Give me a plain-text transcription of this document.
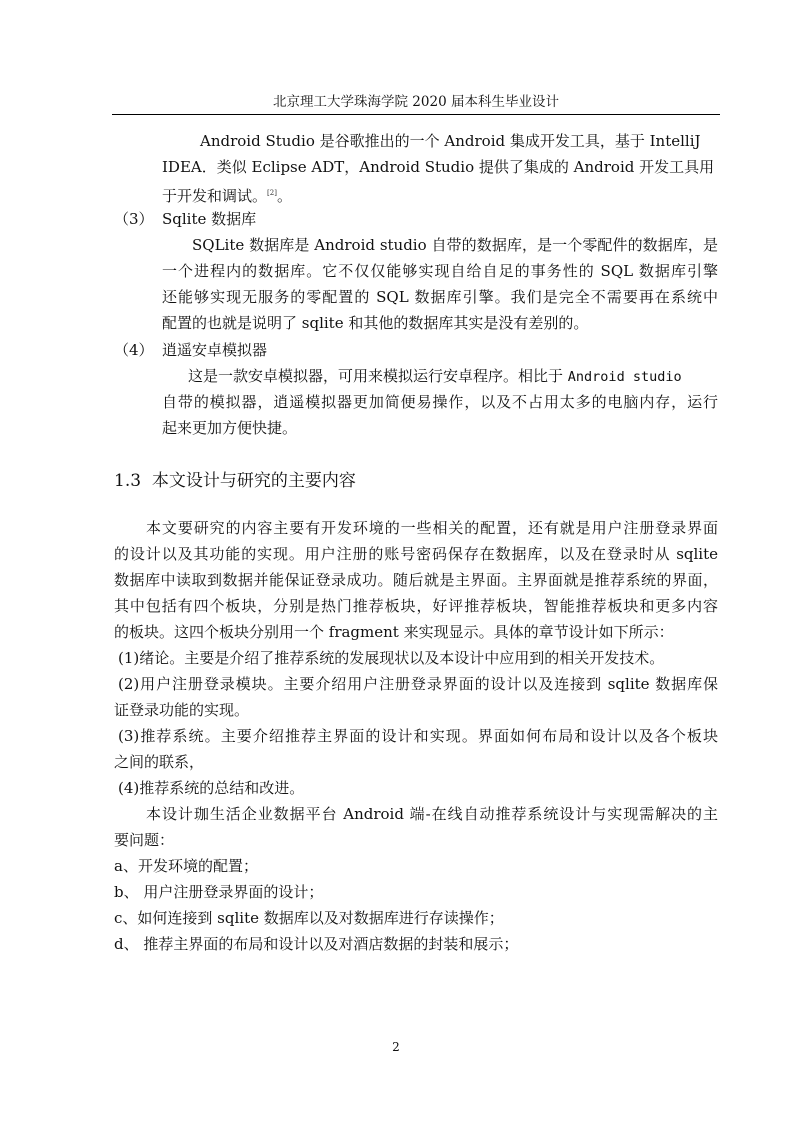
北京理工大学珠海学院 2020 届本科生毕业设计
Android Studio 是谷歌推出的一个 Android 集成开发工具，基于 IntelliJ
IDEA．类似 Eclipse ADT，Android Studio 提供了集成的 Android 开发工具用
于开发和调试。[2]。
（3） Sqlite 数据库
SQLite 数据库是 Android studio 自带的数据库，是一个零配件的数据库，是
一个进程内的数据库。它不仅仅能够实现自给自足的事务性的 SQL 数据库引擎
还能够实现无服务的零配置的 SQL 数据库引擎。我们是完全不需要再在系统中
配置的也就是说明了 sqlite 和其他的数据库其实是没有差别的。
（4） 逍遥安卓模拟器
这是一款安卓模拟器，可用来模拟运行安卓程序。相比于 Android studio
自带的模拟器，逍遥模拟器更加简便易操作，以及不占用太多的电脑内存，运行
起来更加方便快捷。
1.3 本文设计与研究的主要内容
本文要研究的内容主要有开发环境的一些相关的配置，还有就是用户注册登录界面
的设计以及其功能的实现。用户注册的账号密码保存在数据库，以及在登录时从 sqlite
数据库中读取到数据并能保证登录成功。随后就是主界面。主界面就是推荐系统的界面，
其中包括有四个板块，分别是热门推荐板块，好评推荐板块，智能推荐板块和更多内容
的板块。这四个板块分别用一个 fragment 来实现显示。具体的章节设计如下所示：
(1)绪论。主要是介绍了推荐系统的发展现状以及本设计中应用到的相关开发技术。
(2)用户注册登录模块。主要介绍用户注册登录界面的设计以及连接到 sqlite 数据库保
证登录功能的实现。
(3)推荐系统。主要介绍推荐主界面的设计和实现。界面如何布局和设计以及各个板块
之间的联系，
(4)推荐系统的总结和改进。
本设计珈生活企业数据平台 Android 端-在线自动推荐系统设计与实现需解决的主
要问题：
a、开发环境的配置；
b、 用户注册登录界面的设计；
c、如何连接到 sqlite 数据库以及对数据库进行存读操作；
d、 推荐主界面的布局和设计以及对酒店数据的封装和展示；
2
